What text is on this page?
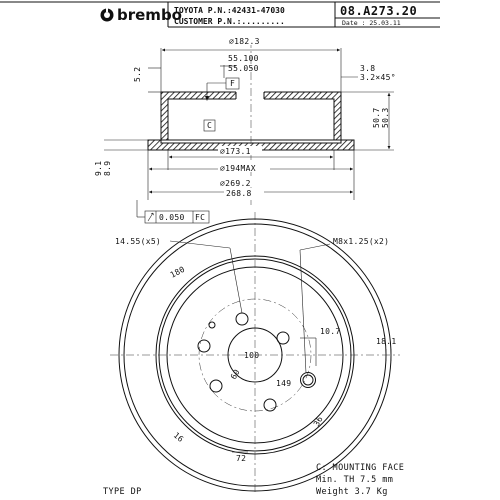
brembo
TOYOTA P.N.:42431-47030
CUSTOMER P.N.:.........
08.A273.20
Date : 25.03.11
∅182.3
55.100
55.050
F
5.2	3.8
3.2×45°
50.7 50.3
C
9.1 8.9
∅173.1
∅194MAX
∅269.2
268.8
0.050 FC
14.55(x5)	M8x1.25(x2)
180
10.7
18.1
100
60
149
16
36
72
C: MOUNTING FACE
Min. TH 7.5 mm
Weight 3.7 Kg
TYPE DP
